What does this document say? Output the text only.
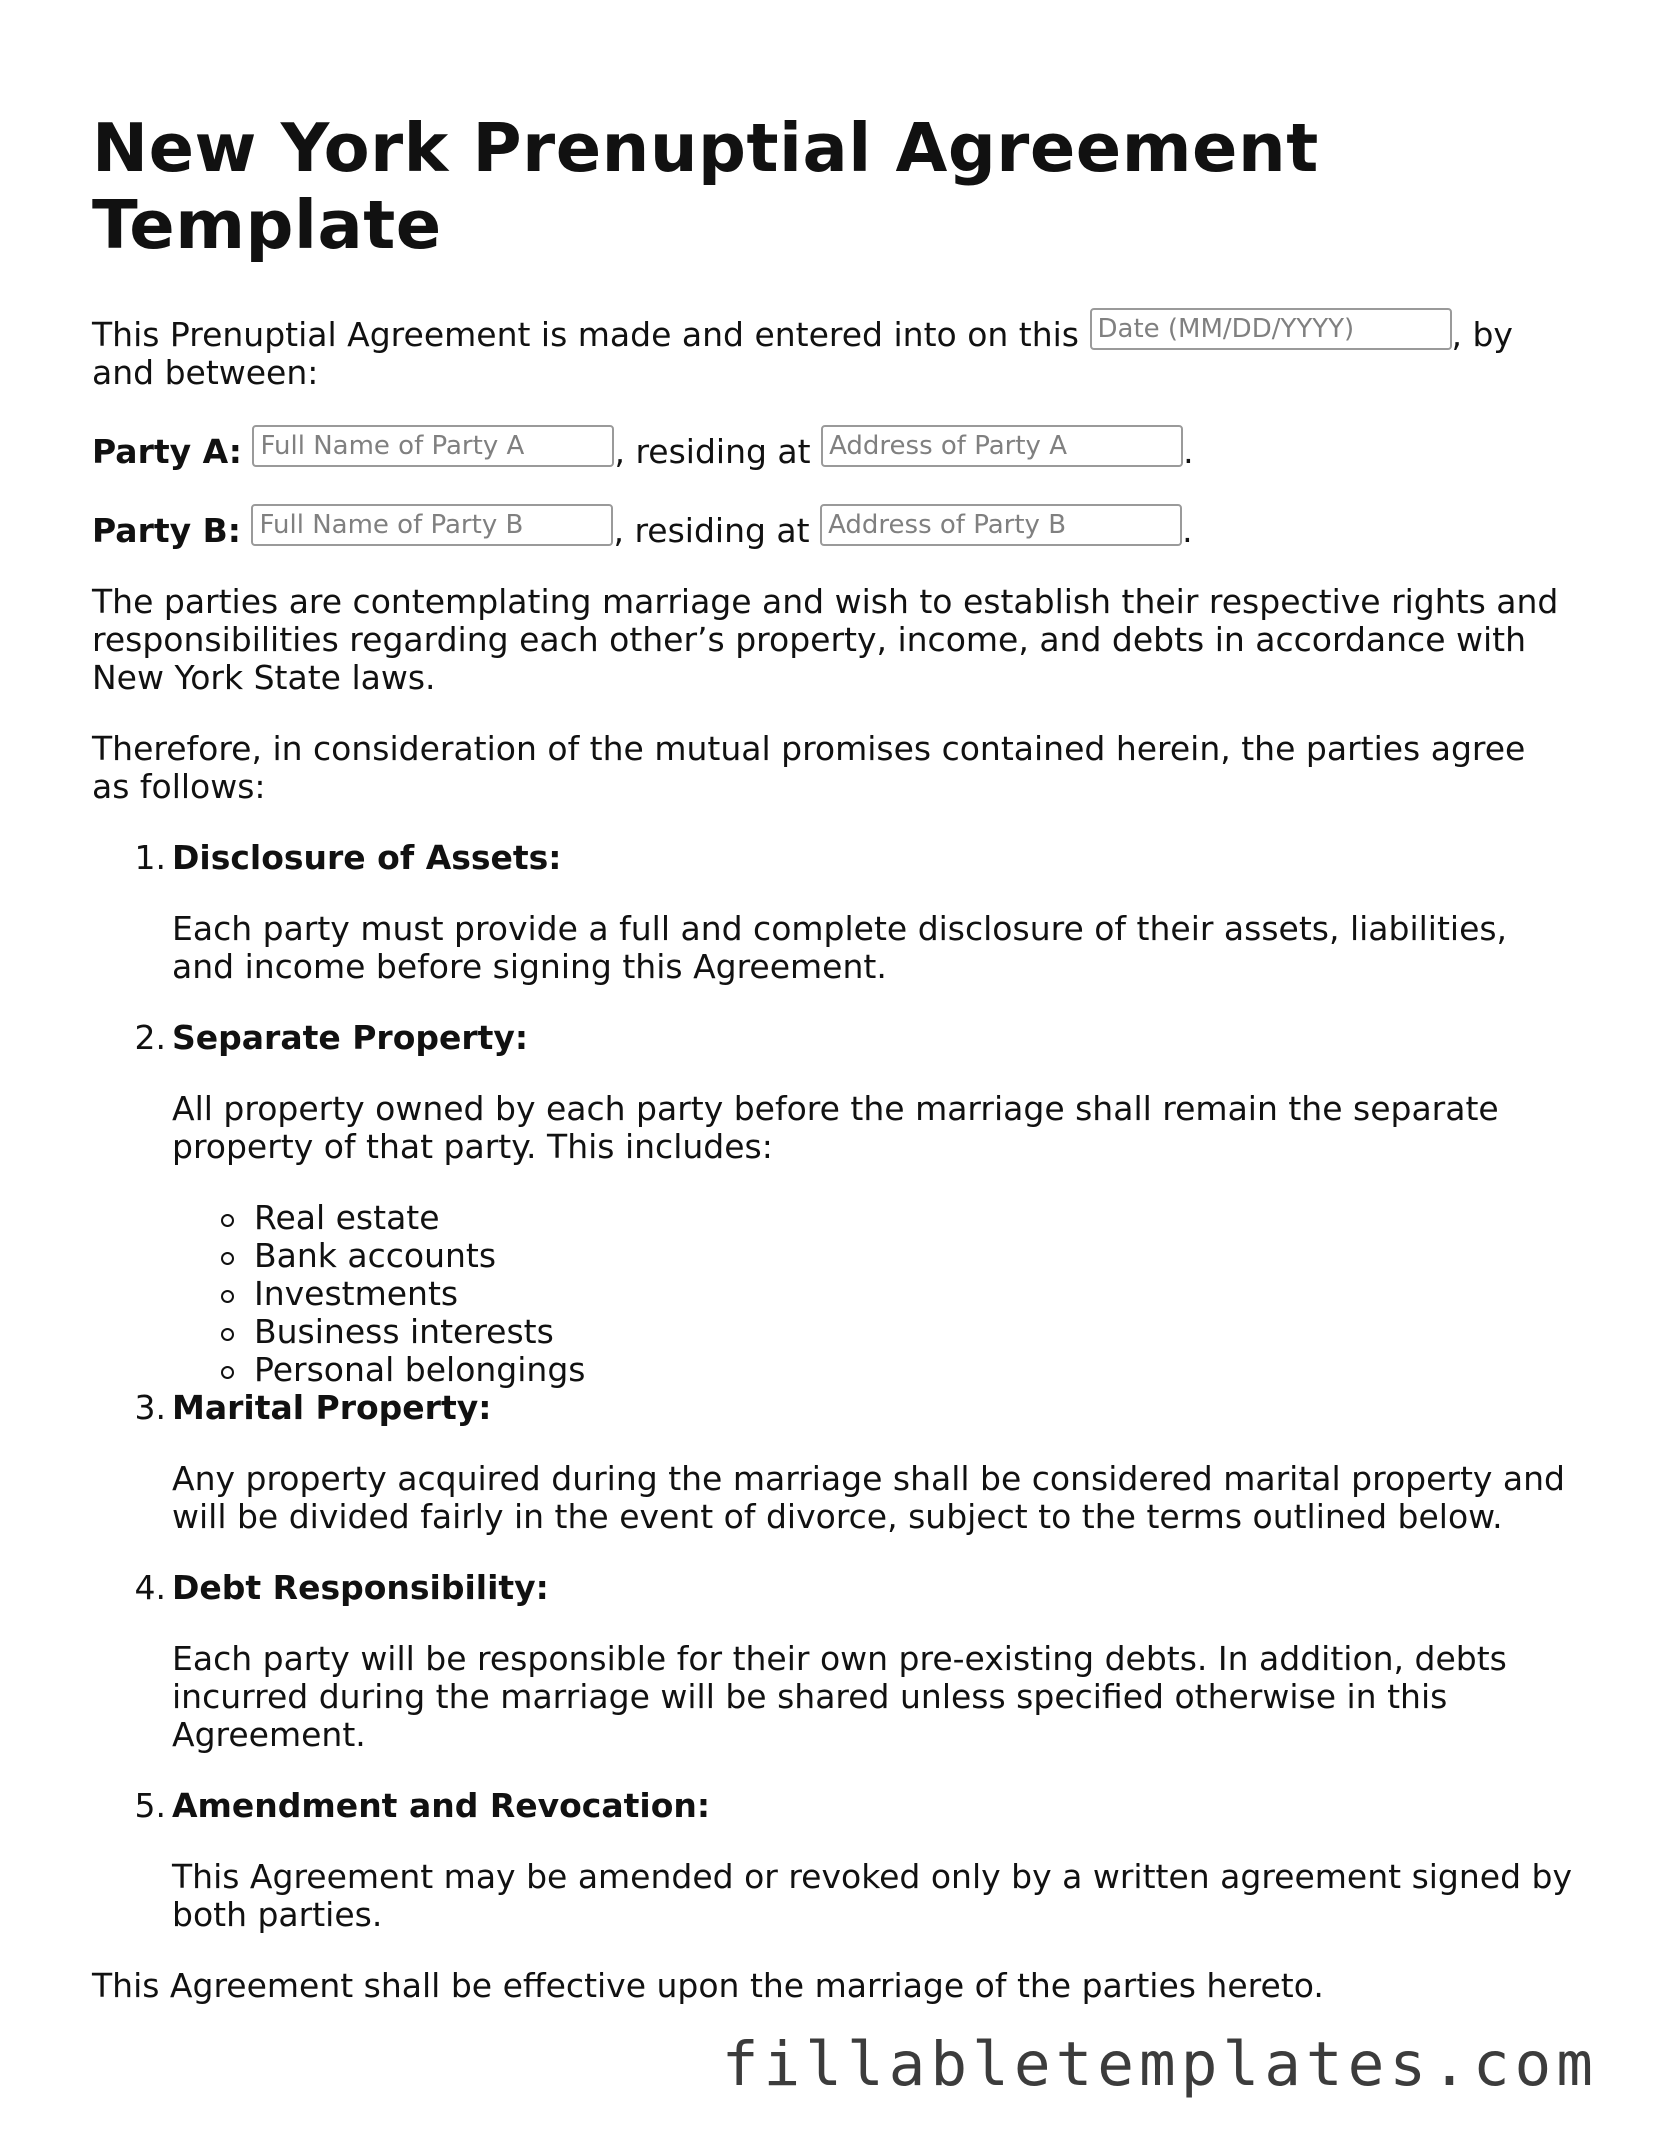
New York Prenuptial Agreement Template

This Prenuptial Agreement is made and entered into on this Date (MM/DD/YYYY)	, by and between:

Party A: Full Name of Party A	, residing at Address of Party A	.
Party B: Full Name of Party B	, residing at Address of Party B	.

The parties are contemplating marriage and wish to establish their respective rights and responsibilities regarding each other’s property, income, and debts in accordance with New York State laws.

Therefore, in consideration of the mutual promises contained herein, the parties agree as follows:

1. Disclosure of Assets:
Each party must provide a full and complete disclosure of their assets, liabilities, and income before signing this Agreement.
2. Separate Property:
All property owned by each party before the marriage shall remain the separate property of that party. This includes:
Real estate
Bank accounts
Investments
Business interests
Personal belongings
3. Marital Property:
Any property acquired during the marriage shall be considered marital property and will be divided fairly in the event of divorce, subject to the terms outlined below.
4. Debt Responsibility:
Each party will be responsible for their own pre-existing debts. In addition, debts incurred during the marriage will be shared unless specified otherwise in this Agreement.
5. Amendment and Revocation:
This Agreement may be amended or revoked only by a written agreement signed by both parties.

This Agreement shall be effective upon the marriage of the parties hereto.

fillabletemplates.com
